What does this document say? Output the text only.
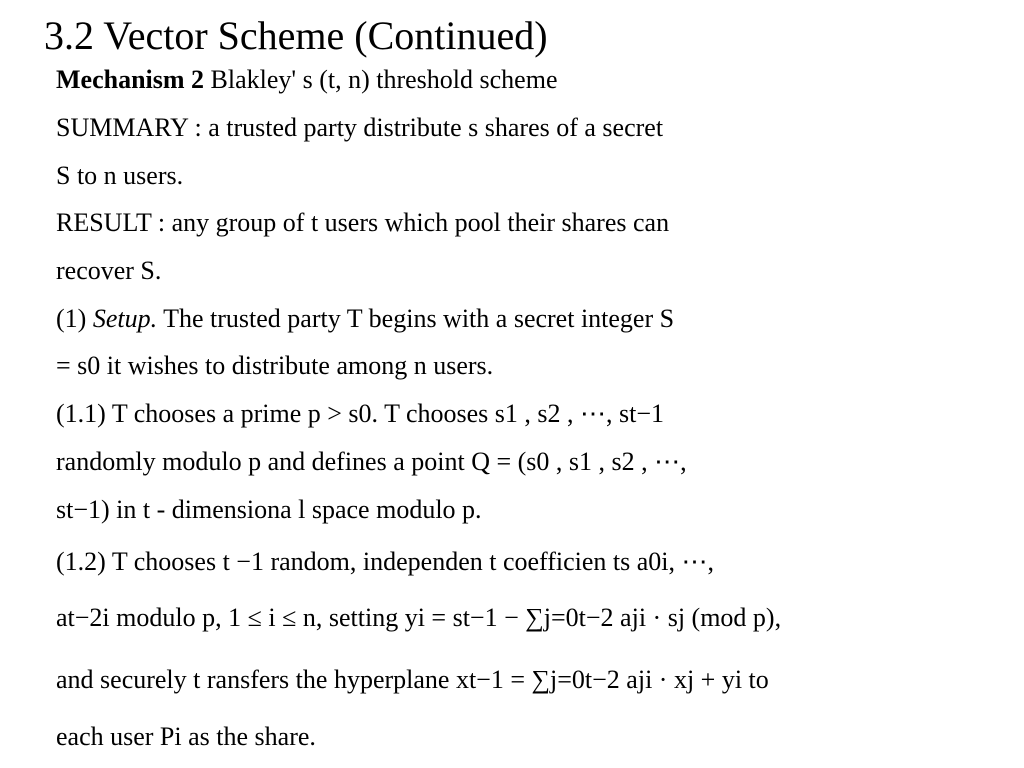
3.2 Vector Scheme (Continued)
Mechanism 2 Blakley' s (t, n) threshold scheme
SUMMARY : a trusted party distribute s shares of a secret
S to n users.
RESULT : any group of t users which pool their shares can
recover S.
(1) Setup. The trusted party T begins with a secret integer S
= s0 it wishes to distribute among n users.
(1.1) T chooses a prime p > s0. T chooses s1 , s2 , ⋯, st−1
randomly modulo p and defines a point Q = (s0 , s1 , s2 , ⋯,
st−1) in t - dimensiona l space modulo p.
(1.2) T chooses t −1 random, independen t coefficien ts a0i, ⋯,
at−2i modulo p, 1 ≤ i ≤ n, setting yi = st−1 − ∑j=0t−2 aji · sj (mod p),
and securely t ransfers the hyperplane xt−1 = ∑j=0t−2 aji · xj + yi to
each user Pi as the share.
